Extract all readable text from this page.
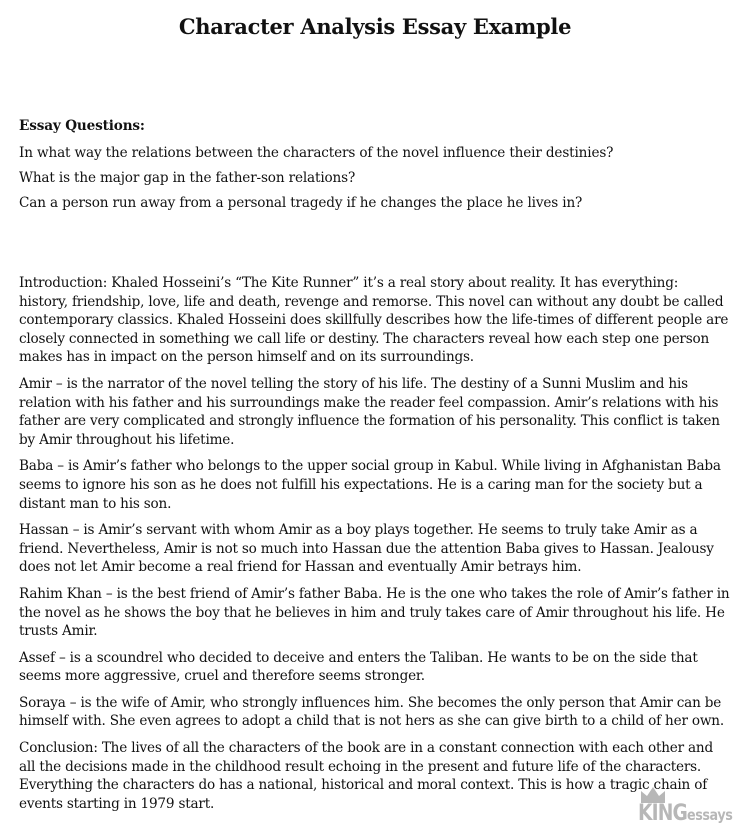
Character Analysis Essay Example
Essay Questions:
In what way the relations between the characters of the novel influence their destinies?
What is the major gap in the father-son relations?
Can a person run away from a personal tragedy if he changes the place he lives in?

Introduction: Khaled Hosseini’s “The Kite Runner” it’s a real story about reality. It has everything: history, friendship, love, life and death, revenge and remorse. This novel can without any doubt be called contemporary classics. Khaled Hosseini does skillfully describes how the life-times of different people are closely connected in something we call life or destiny. The characters reveal how each step one person makes has in impact on the person himself and on its surroundings.

Amir – is the narrator of the novel telling the story of his life. The destiny of a Sunni Muslim and his relation with his father and his surroundings make the reader feel compassion. Amir’s relations with his father are very complicated and strongly influence the formation of his personality. This conflict is taken by Amir throughout his lifetime.

Baba – is Amir’s father who belongs to the upper social group in Kabul. While living in Afghanistan Baba seems to ignore his son as he does not fulfill his expectations. He is a caring man for the society but a distant man to his son.

Hassan – is Amir’s servant with whom Amir as a boy plays together. He seems to truly take Amir as a friend. Nevertheless, Amir is not so much into Hassan due the attention Baba gives to Hassan. Jealousy does not let Amir become a real friend for Hassan and eventually Amir betrays him.

Rahim Khan – is the best friend of Amir’s father Baba. He is the one who takes the role of Amir’s father in the novel as he shows the boy that he believes in him and truly takes care of Amir throughout his life. He trusts Amir.

Assef – is a scoundrel who decided to deceive and enters the Taliban. He wants to be on the side that seems more aggressive, cruel and therefore seems stronger.

Soraya – is the wife of Amir, who strongly influences him. She becomes the only person that Amir can be himself with. She even agrees to adopt a child that is not hers as she can give birth to a child of her own.

Conclusion: The lives of all the characters of the book are in a constant connection with each other and all the decisions made in the childhood result echoing in the present and future life of the characters. Everything the characters do has a national, historical and moral context. This is how a tragic chain of events starting in 1979 start.	KING essays
